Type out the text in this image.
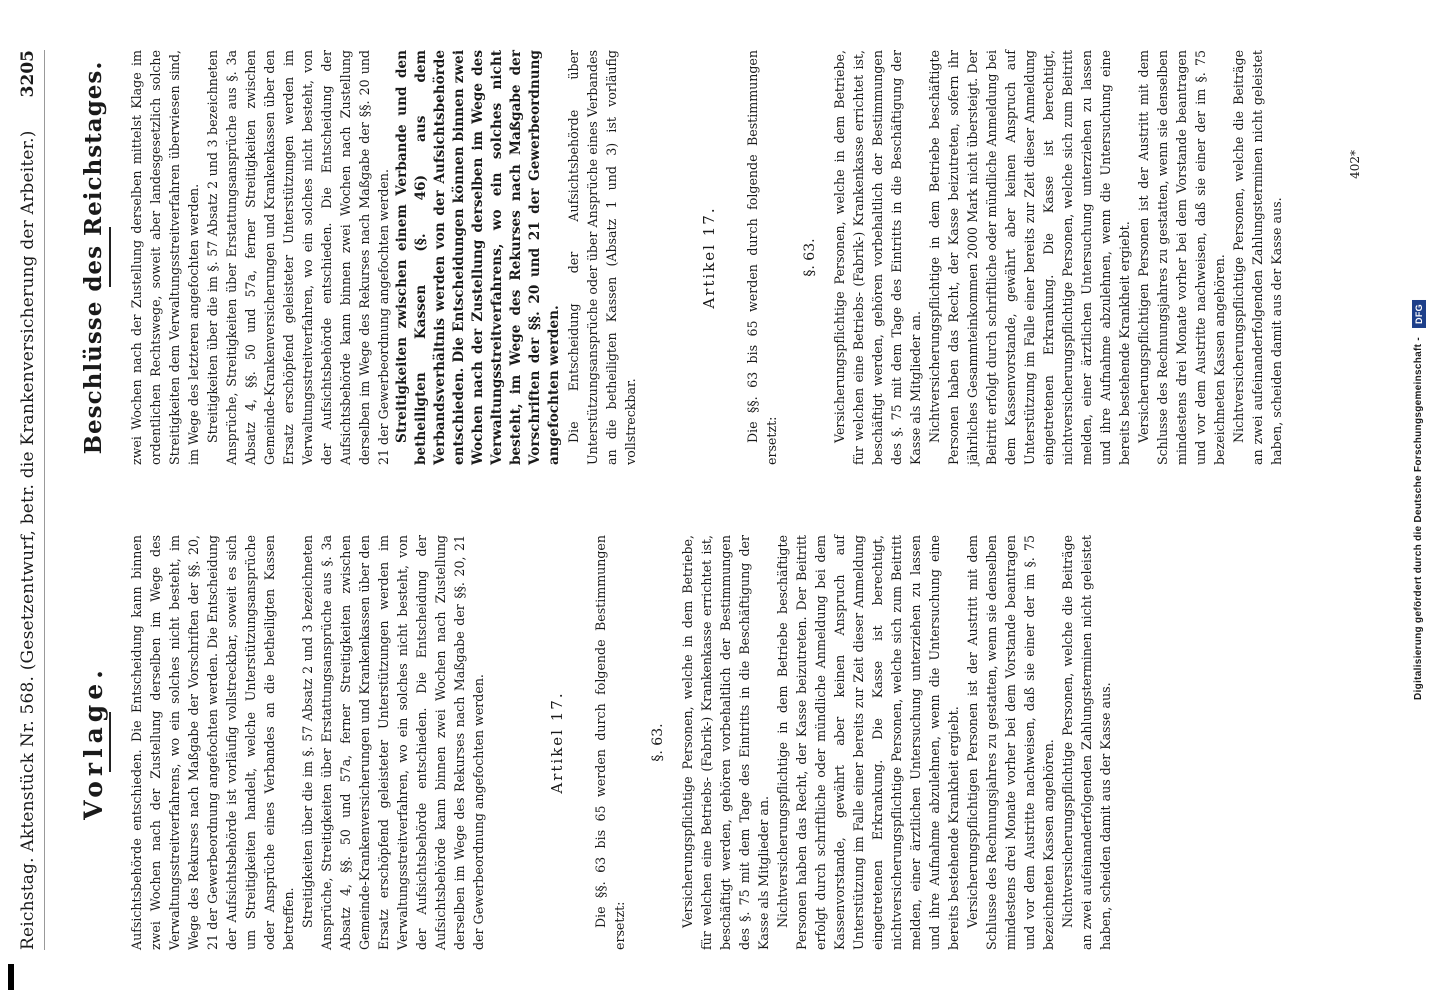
Reichstag. Aktenstück Nr. 568. (Gesetzentwurf, betr. die Krankenversicherung der Arbeiter.)
3205
Vorlage. Aufsichtsbehörde entschieden. Die Entscheidung kann binnen zwei Wochen nach der Zustellung derselben im Wege des Verwaltungsstreitverfahrens, wo ein solches nicht besteht, im Wege des Rekurses nach Maßgabe der Vorschriften der §§. 20, 21 der Gewerbeordnung angefochten werden. Die Entscheidung der Aufsichtsbehörde ist vorläufig vollstreckbar, soweit es sich um Streitigkeiten handelt, welche Unterstützungsansprüche oder Ansprüche eines Verbandes an die betheiligten Kassen betreffen. Streitigkeiten über die im §. 57 Absatz 2 und 3 bezeichneten Ansprüche, Streitigkeiten über Erstattungsansprüche aus §. 3a Absatz 4, §§. 50 und 57a, ferner Streitigkeiten zwischen Gemeinde-Krankenversicherungen und Krankenkassen über den Ersatz erschöpfend geleisteter Unterstützungen werden im Verwaltungsstreitverfahren, wo ein solches nicht besteht, von der Aufsichtsbehörde entschieden. Die Entscheidung der Aufsichtsbehörde kann binnen zwei Wochen nach Zustellung derselben im Wege des Rekurses nach Maßgabe der §§. 20, 21 der Gewerbeordnung angefochten werden.	Artikel 17. Die §§. 63 bis 65 werden durch folgende Bestimmungen ersetzt:

§. 63. Versicherungspflichtige Personen, welche in dem Betriebe, für welchen eine Betriebs- (Fabrik-) Krankenkasse errichtet ist, beschäftigt werden, gehören vorbehaltlich der Bestimmungen des §. 75 mit dem Tage des Eintritts in die Beschäftigung der Kasse als Mitglieder an. Nichtversicherungspflichtige in dem Betriebe beschäftigte Personen haben das Recht, der Kasse beizutreten. Der Beitritt erfolgt durch schriftliche oder mündliche Anmeldung bei dem Kassenvorstande, gewährt aber keinen Anspruch auf Unterstützung im Falle einer bereits zur Zeit dieser Anmeldung eingetretenen Erkrankung. Die Kasse ist berechtigt, nichtversicherungspflichtige Personen, welche sich zum Beitritt melden, einer ärztlichen Untersuchung unterziehen zu lassen und ihre Aufnahme abzulehnen, wenn die Untersuchung eine bereits bestehende Krankheit ergiebt. Versicherungspflichtigen Personen ist der Austritt mit dem Schlusse des Rechnungsjahres zu gestatten, wenn sie denselben mindestens drei Monate vorher bei dem Vorstande beantragen und vor dem Austritte nachweisen, daß sie einer der im §. 75 bezeichneten Kassen angehören. Nichtversicherungspflichtige Personen, welche die Beiträge an zwei aufeinanderfolgenden Zahlungsterminen nicht geleistet haben, scheiden damit aus der Kasse aus.

Beschlüsse des Reichstages. zwei Wochen nach der Zustellung derselben mittelst Klage im ordentlichen Rechtswege, soweit aber landesgesetzlich solche Streitigkeiten dem Verwaltungsstreitverfahren überwiesen sind, im Wege des letzteren angefochten werden. Streitigkeiten über die im §. 57 Absatz 2 und 3 bezeichneten Ansprüche, Streitigkeiten über Erstattungsansprüche aus §. 3a Absatz 4, §§. 50 und 57a, ferner Streitigkeiten zwischen Gemeinde-Krankenversicherungen und Krankenkassen über den Ersatz erschöpfend geleisteter Unterstützungen werden im Verwaltungsstreitverfahren, wo ein solches nicht besteht, von der Aufsichtsbehörde entschieden. Die Entscheidung der Aufsichtsbehörde kann binnen zwei Wochen nach Zustellung derselben im Wege des Rekurses nach Maßgabe der §§. 20 und 21 der Gewerbeordnung angefochten werden. Streitigkeiten zwischen einem Verbande und den betheiligten Kassen (§. 46) aus dem Verbandsverhältnis werden von der Aufsichtsbehörde entschieden. Die Entscheidungen können binnen zwei Wochen nach der Zustellung derselben im Wege des Verwaltungsstreitverfahrens, wo ein solches nicht besteht, im Wege des Rekurses nach Maßgabe der Vorschriften der §§. 20 und 21 der Gewerbeordnung angefochten werden. Die Entscheidung der Aufsichtsbehörde über Unterstützungsansprüche oder über Ansprüche eines Verbandes an die betheiligten Kassen (Absatz 1 und 3) ist vorläufig vollstreckbar.

Artikel 17. Die §§. 63 bis 65 werden durch folgende Bestimmungen ersetzt:

§. 63. Versicherungspflichtige Personen, welche in dem Betriebe, für welchen eine Betriebs- (Fabrik-) Krankenkasse errichtet ist, beschäftigt werden, gehören vorbehaltlich der Bestimmungen des §. 75 mit dem Tage des Eintritts in die Beschäftigung der Kasse als Mitglieder an. Nichtversicherungspflichtige in dem Betriebe beschäftigte Personen haben das Recht, der Kasse beizutreten, sofern ihr jährliches Gesammteinkommen 2000 Mark nicht übersteigt. Der Beitritt erfolgt durch schriftliche oder mündliche Anmeldung bei dem Kassenvorstande, gewährt aber keinen Anspruch auf Unterstützung im Falle einer bereits zur Zeit dieser Anmeldung eingetretenen Erkrankung. Die Kasse ist berechtigt, nichtversicherungspflichtige Personen, welche sich zum Beitritt melden, einer ärztlichen Untersuchung unterziehen zu lassen und ihre Aufnahme abzulehnen, wenn die Untersuchung eine bereits bestehende Krankheit ergiebt. Versicherungspflichtigen Personen ist der Austritt mit dem Schlusse des Rechnungsjahres zu gestatten, wenn sie denselben mindestens drei Monate vorher bei dem Vorstande beantragen und vor dem Austritte nachweisen, daß sie einer der im §. 75 bezeichneten Kassen angehören. Nichtversicherungspflichtige Personen, welche die Beiträge an zwei aufeinanderfolgenden Zahlungsterminen nicht geleistet haben, scheiden damit aus der Kasse aus.

402*
Digitalisierung gefördert durch die Deutsche Forschungsgemeinschaft - DFG
